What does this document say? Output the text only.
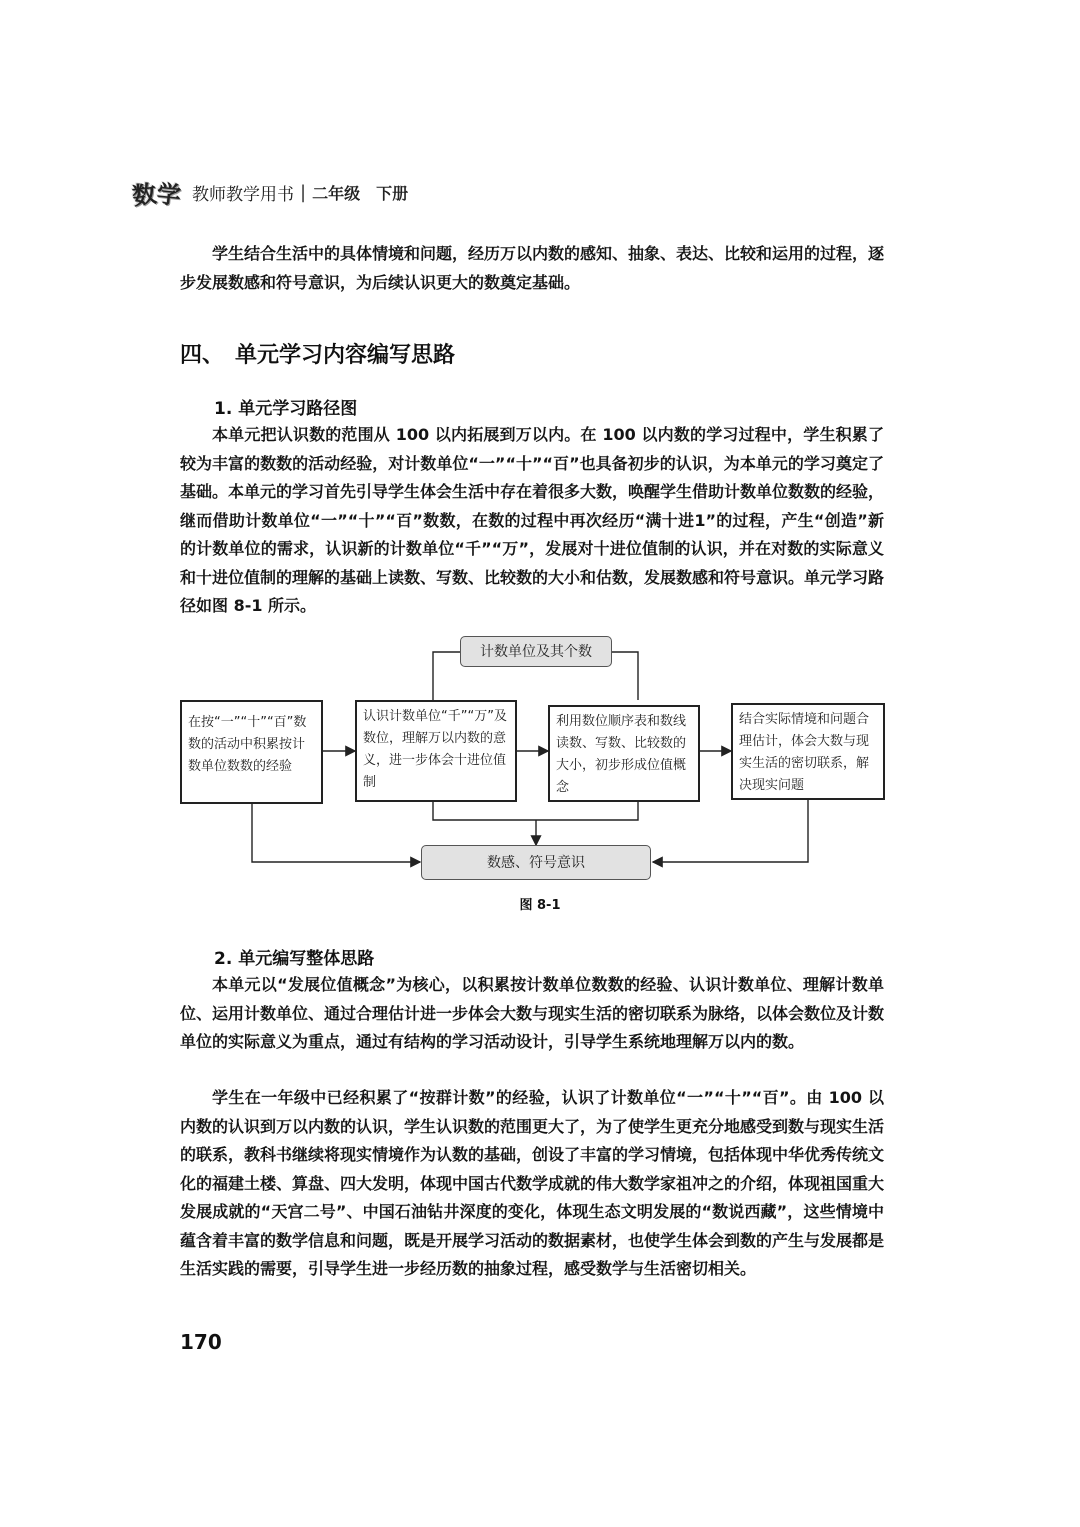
数学 教师教学用书 | 二年级　下册

学生结合生活中的具体情境和问题，经历万以内数的感知、抽象、表达、比较和运用的过程，逐步发展数感和符号意识，为后续认识更大的数奠定基础。

四、　单元学习内容编写思路
1. 单元学习路径图

本单元把认识数的范围从 100 以内拓展到万以内。在 100 以内数的学习过程中，学生积累了较为丰富的数数的活动经验，对计数单位“一”“十”“百”也具备初步的认识，为本单元的学习奠定了基础。本单元的学习首先引导学生体会生活中存在着很多大数，唤醒学生借助计数单位数数的经验，继而借助计数单位“一”“十”“百”数数，在数的过程中再次经历“满十进1”的过程，产生“创造”新的计数单位的需求，认识新的计数单位“千”“万”，发展对十进位值制的认识，并在对数的实际意义和十进位值制的理解的基础上读数、写数、比较数的大小和估数，发展数感和符号意识。单元学习路径如图 8-1 所示。

计数单位及其个数
在按“一”“十”“百”数数的活动中积累按计数单位数数的经验
认识计数单位“千”“万”及数位，理解万以内数的意义，进一步体会十进位值制
利用数位顺序表和数线读数、写数、比较数的大小，初步形成位值概念
结合实际情境和问题合理估计，体会大数与现实生活的密切联系，解决现实问题
数感、符号意识
图 8-1
2. 单元编写整体思路

本单元以“发展位值概念”为核心，以积累按计数单位数数的经验、认识计数单位、理解计数单位、运用计数单位、通过合理估计进一步体会大数与现实生活的密切联系为脉络，以体会数位及计数单位的实际意义为重点，通过有结构的学习活动设计，引导学生系统地理解万以内的数。

学生在一年级中已经积累了“按群计数”的经验，认识了计数单位“一”“十”“百”。由 100 以内数的认识到万以内数的认识，学生认识数的范围更大了，为了使学生更充分地感受到数与现实生活的联系，教科书继续将现实情境作为认数的基础，创设了丰富的学习情境，包括体现中华优秀传统文化的福建土楼、算盘、四大发明，体现中国古代数学成就的伟大数学家祖冲之的介绍，体现祖国重大发展成就的“天宫二号”、中国石油钻井深度的变化，体现生态文明发展的“数说西藏”，这些情境中蕴含着丰富的数学信息和问题，既是开展学习活动的数据素材，也使学生体会到数的产生与发展都是生活实践的需要，引导学生进一步经历数的抽象过程，感受数学与生活密切相关。

170
